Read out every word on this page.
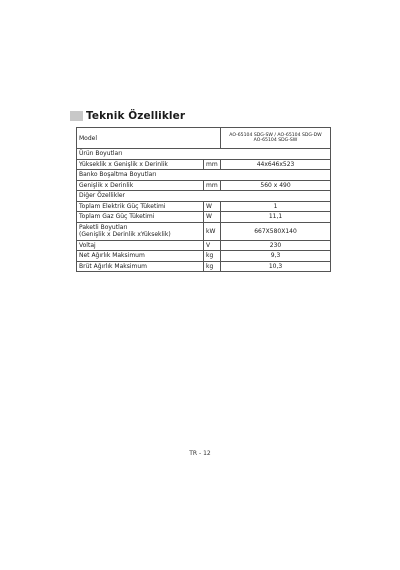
Teknik Özellikler
Model		AO-65104 SDG-SW / AO-65104 SDG-DW
AO-65104 SDG-SW

Ürün Boyutları		
Yükseklik x Genişlik x Derinlik	mm	44x646x523
Banko Boşaltma Boyutları		
Genişlik x Derinlik	mm	560 x 490
Diğer Özellikler		
Toplam Elektrik Güç Tüketimi	W	1
Toplam Gaz Güç Tüketimi	W	11,1

Paketli Boyutları
(Genişlik x Derinlik xYükseklik)	kW	667X580X140
Voltaj	V	230
Net Ağırlık Maksimum	kg	9,3
Brüt Ağırlık Maksimum	kg	10,3
TR - 12
